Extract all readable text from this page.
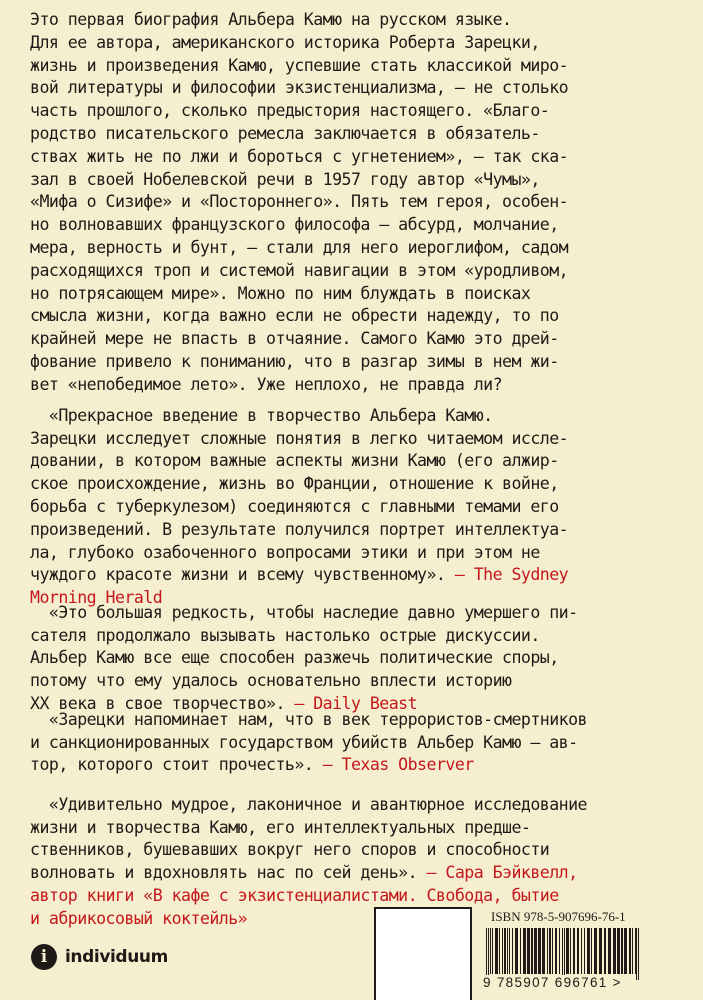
Это первая биография Альбера Камю на русском языке.
Для ее автора, американского историка Роберта Зарецки,
жизнь и произведения Камю, успевшие стать классикой миро-
вой литературы и философии экзистенциализма, — не столько
часть прошлого, сколько предыстория настоящего. «Благо-
родство писательского ремесла заключается в обязатель-
ствах жить не по лжи и бороться с угнетением», — так ска-
зал в своей Нобелевской речи в 1957 году автор «Чумы»,
«Мифа о Сизифе» и «Постороннего». Пять тем героя, особен-
но волновавших французского философа — абсурд, молчание,
мера, верность и бунт, — стали для него иероглифом, садом
расходящихся троп и системой навигации в этом «уродливом,
но потрясающем мире». Можно по ним блуждать в поисках
смысла жизни, когда важно если не обрести надежду, то по
крайней мере не впасть в отчаяние. Самого Камю это дрей-
фование привело к пониманию, что в разгар зимы в нем жи-
вет «непобедимое лето». Уже неплохо, не правда ли?

«Прекрасное введение в творчество Альбера Камю.
Зарецки исследует сложные понятия в легко читаемом иссле-
довании, в котором важные аспекты жизни Камю (его алжир-
ское происхождение, жизнь во Франции, отношение к войне,
борьба с туберкулезом) соединяются с главными темами его
произведений. В результате получился портрет интеллектуа-
ла, глубоко озабоченного вопросами этики и при этом не
чуждого красоте жизни и всему чувственному». — The Sydney
Morning Herald

«Это большая редкость, чтобы наследие давно умершего пи-
сателя продолжало вызывать настолько острые дискуссии.
Альбер Камю все еще способен разжечь политические споры,
потому что ему удалось основательно вплести историю
XX века в свое творчество». — Daily Beast

«Зарецки напоминает нам, что в век террористов-смертников
и санкционированных государством убийств Альбер Камю — ав-
тор, которого стоит прочесть». — Texas Observer

«Удивительно мудрое, лаконичное и авантюрное исследование
жизни и творчества Камю, его интеллектуальных предше-
ственников, бушевавших вокруг него споров и способности
волновать и вдохновлять нас по сей день». — Сара Бэйквелл,
автор книги «В кафе с экзистенциалистами. Свобода, бытие
и абрикосовый коктейль»

i	individuum
ISBN 978-5-907696-76-1
9 785907 696761 >
